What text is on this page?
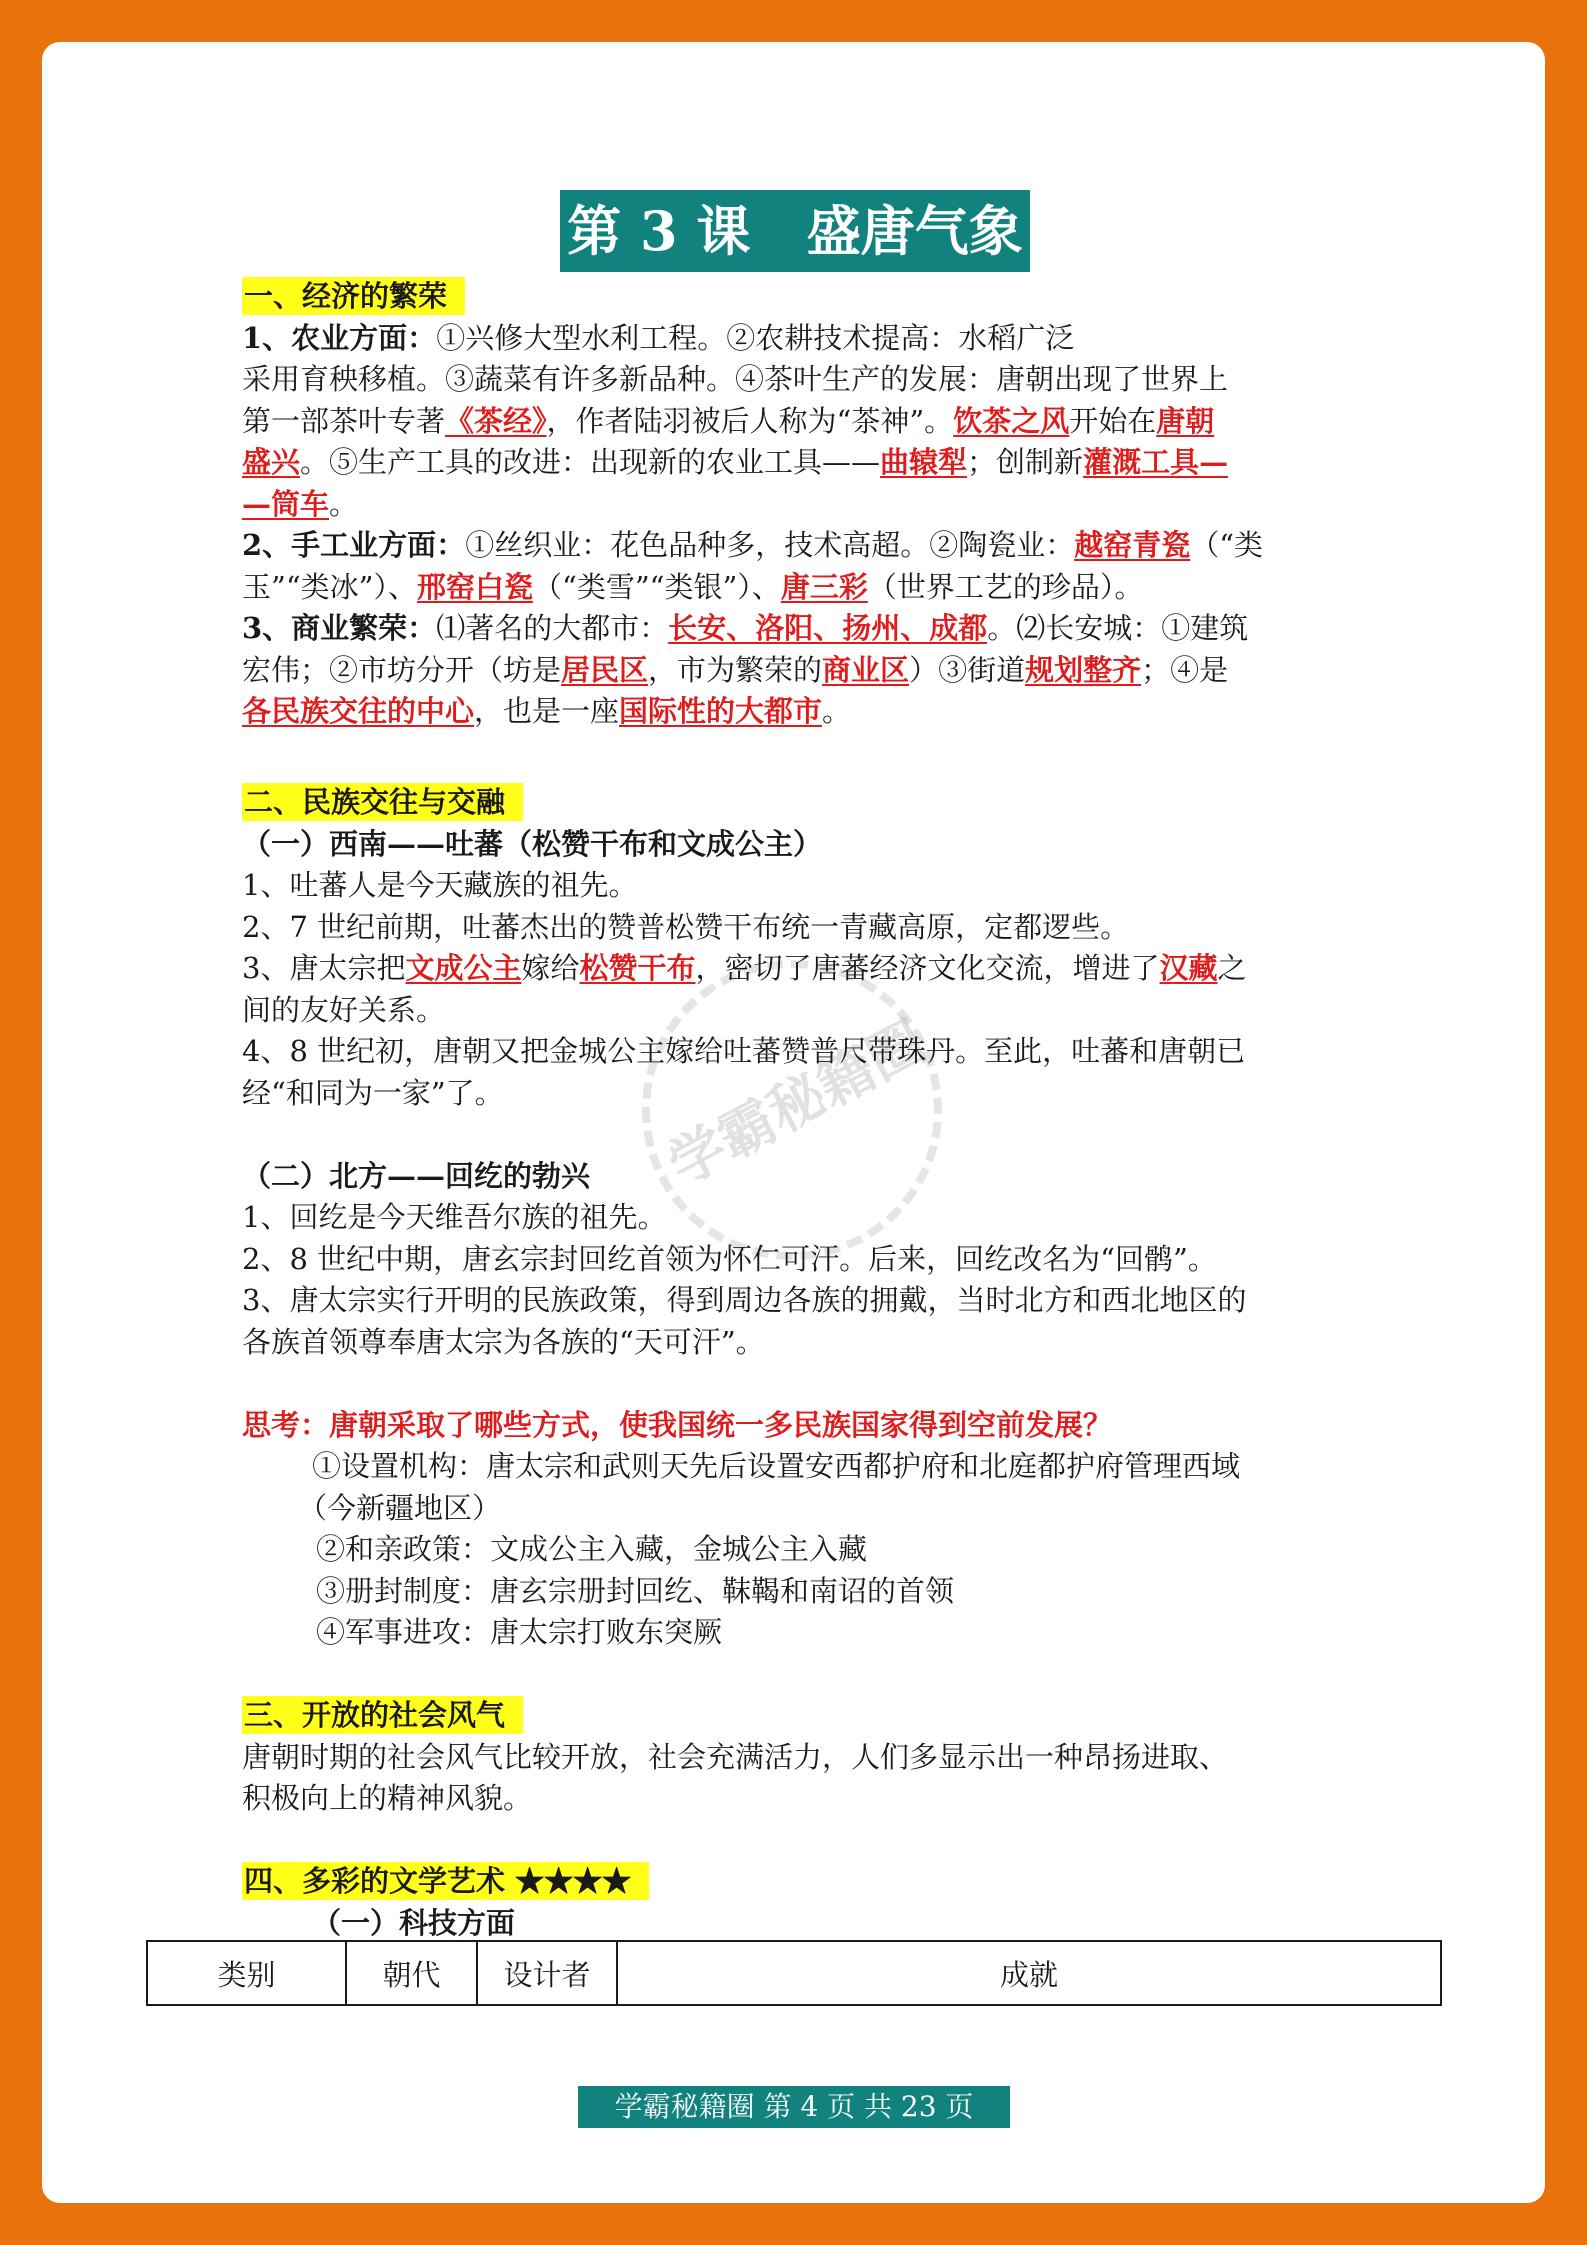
学霸秘籍圈
第 3 课   盛唐气象
一、经济的繁荣
1、农业方面：①兴修大型水利工程。②农耕技术提高：水稻广泛
采用育秧移植。③蔬菜有许多新品种。④茶叶生产的发展：唐朝出现了世界上
第一部茶叶专著《茶经》，作者陆羽被后人称为“茶神”。饮茶之风开始在唐朝
盛兴。⑤生产工具的改进：出现新的农业工具——曲辕犁；创制新灌溉工具—
—筒车。
2、手工业方面：①丝织业：花色品种多，技术高超。②陶瓷业：越窑青瓷（“类
玉”“类冰”）、邢窑白瓷（“类雪”“类银”）、唐三彩（世界工艺的珍品）。
3、商业繁荣：⑴著名的大都市：长安、洛阳、扬州、成都。⑵长安城：①建筑
宏伟；②市坊分开（坊是居民区，市为繁荣的商业区）③街道规划整齐；④是
各民族交往的中心，也是一座国际性的大都市。
二、民族交往与交融
（一）西南——吐蕃（松赞干布和文成公主）
1、吐蕃人是今天藏族的祖先。
2、7 世纪前期，吐蕃杰出的赞普松赞干布统一青藏高原，定都逻些。
3、唐太宗把文成公主嫁给松赞干布，密切了唐蕃经济文化交流，增进了汉藏之
间的友好关系。
4、8 世纪初，唐朝又把金城公主嫁给吐蕃赞普尺带珠丹。至此，吐蕃和唐朝已
经“和同为一家”了。
（二）北方——回纥的勃兴
1、回纥是今天维吾尔族的祖先。
2、8 世纪中期，唐玄宗封回纥首领为怀仁可汗。后来，回纥改名为“回鹘”。
3、唐太宗实行开明的民族政策，得到周边各族的拥戴，当时北方和西北地区的
各族首领尊奉唐太宗为各族的“天可汗”。
思考：唐朝采取了哪些方式，使我国统一多民族国家得到空前发展？
①设置机构：唐太宗和武则天先后设置安西都护府和北庭都护府管理西域
（今新疆地区）
②和亲政策：文成公主入藏，金城公主入藏
③册封制度：唐玄宗册封回纥、靺鞨和南诏的首领
④军事进攻：唐太宗打败东突厥
三、开放的社会风气
唐朝时期的社会风气比较开放，社会充满活力，人们多显示出一种昂扬进取、
积极向上的精神风貌。
四、多彩的文学艺术 ★★★★
（一）科技方面
类别	朝代	设计者	成就
学霸秘籍圈 第 4 页 共 23 页
